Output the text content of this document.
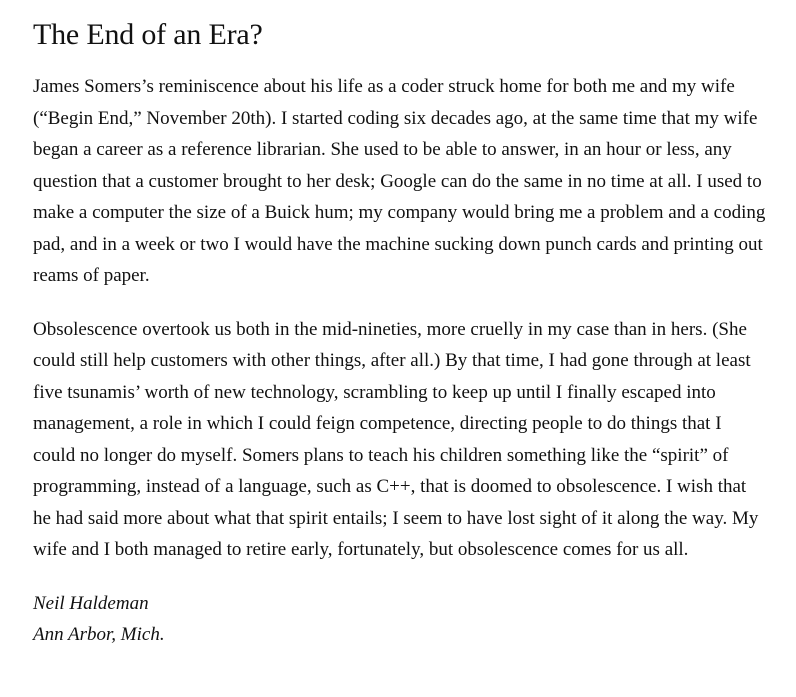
The End of an Era?

James Somers’s reminiscence about his life as a coder struck home for both me and my wife (“Begin End,” November 20th). I started coding six decades ago, at the same time that my wife began a career as a reference librarian. She used to be able to answer, in an hour or less, any question that a customer brought to her desk; Google can do the same in no time at all. I used to make a computer the size of a Buick hum; my company would bring me a problem and a coding pad, and in a week or two I would have the machine sucking down punch cards and printing out reams of paper.

Obsolescence overtook us both in the mid-nineties, more cruelly in my case than in hers. (She could still help customers with other things, after all.) By that time, I had gone through at least five tsunamis’ worth of new technology, scrambling to keep up until I finally escaped into management, a role in which I could feign competence, directing people to do things that I could no longer do myself. Somers plans to teach his children something like the “spirit” of programming, instead of a language, such as C++, that is doomed to obsolescence. I wish that he had said more about what that spirit entails; I seem to have lost sight of it along the way. My wife and I both managed to retire early, fortunately, but obsolescence comes for us all.

Neil Haldeman

Ann Arbor, Mich.
